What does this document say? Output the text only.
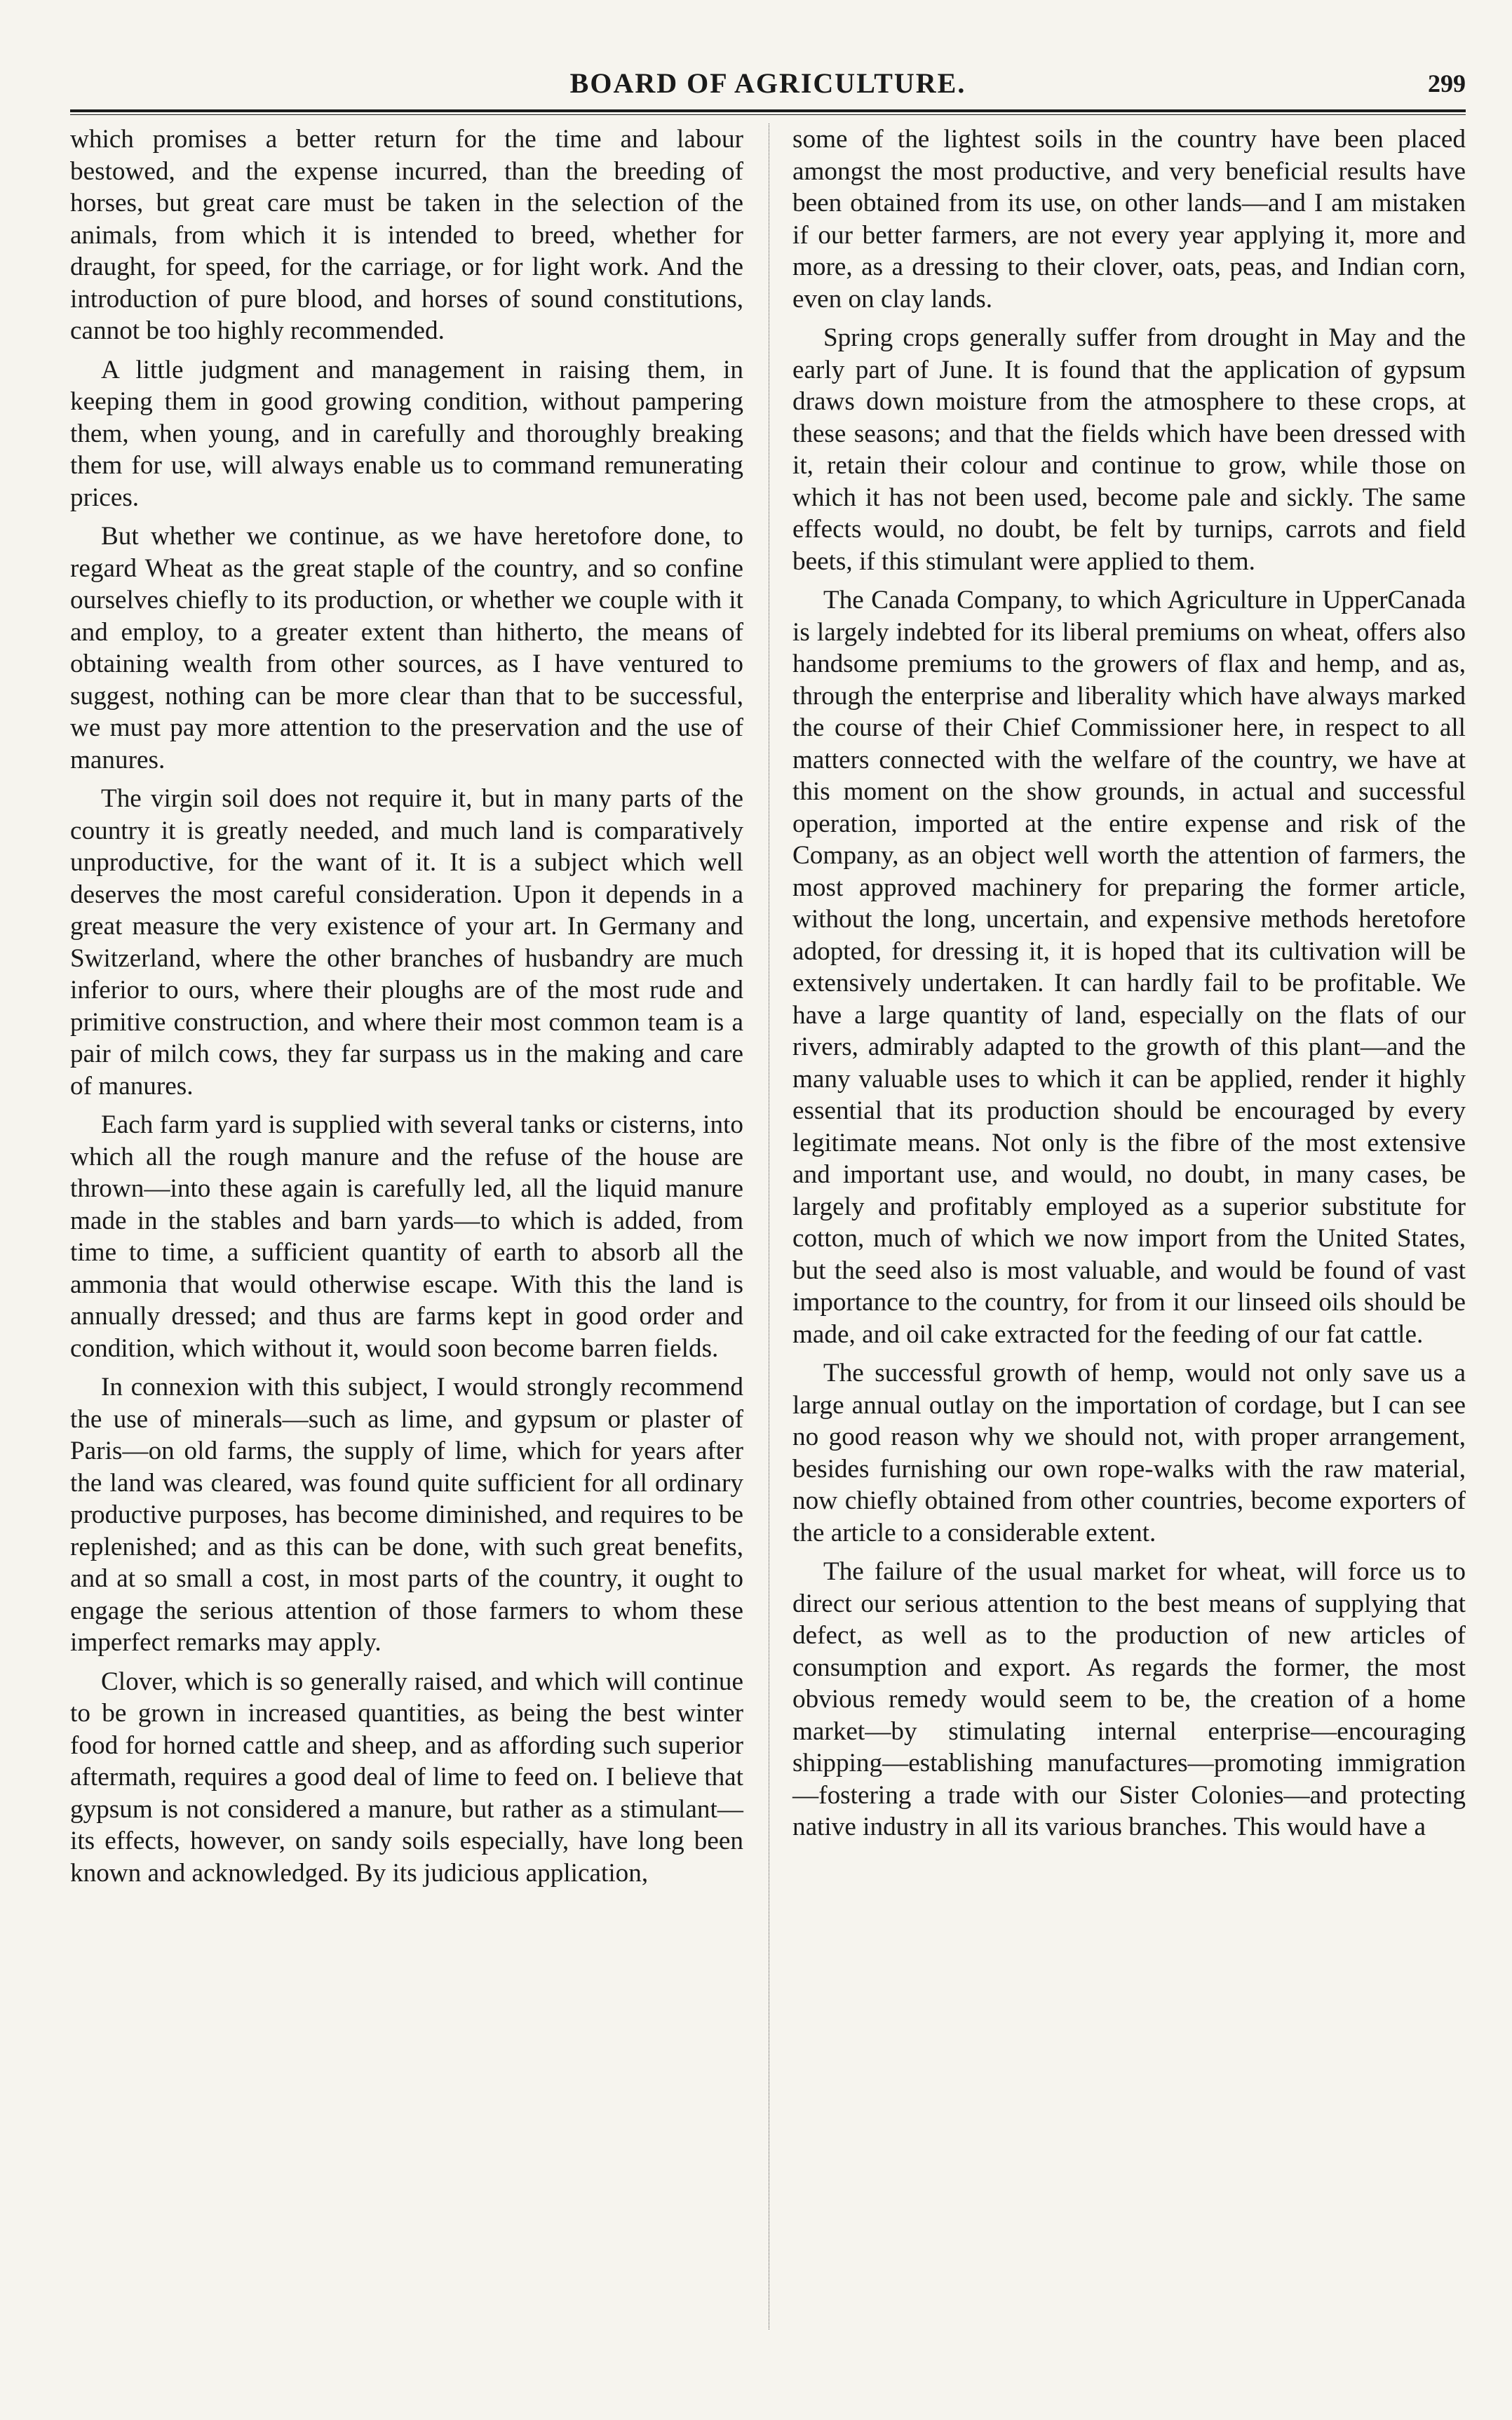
BOARD OF AGRICULTURE.	299

which promises a better return for the time and labour bestowed, and the expense incurred, than the breeding of horses, but great care must be taken in the selection of the animals, from which it is intended to breed, whether for draught, for speed, for the carriage, or for light work. And the introduction of pure blood, and horses of sound constitutions, cannot be too highly recommended.

A little judgment and management in raising them, in keeping them in good growing condition, without pampering them, when young, and in carefully and thoroughly breaking them for use, will always enable us to command remunerating prices.

But whether we continue, as we have heretofore done, to regard Wheat as the great staple of the country, and so confine ourselves chiefly to its production, or whether we couple with it and employ, to a greater extent than hitherto, the means of obtaining wealth from other sources, as I have ventured to suggest, nothing can be more clear than that to be successful, we must pay more attention to the preservation and the use of manures.

The virgin soil does not require it, but in many parts of the country it is greatly needed, and much land is comparatively unproductive, for the want of it. It is a subject which well deserves the most careful consideration. Upon it depends in a great measure the very existence of your art. In Germany and Switzerland, where the other branches of husbandry are much inferior to ours, where their ploughs are of the most rude and primitive construction, and where their most common team is a pair of milch cows, they far surpass us in the making and care of manures.

Each farm yard is supplied with several tanks or cisterns, into which all the rough manure and the refuse of the house are thrown—into these again is carefully led, all the liquid manure made in the stables and barn yards—to which is added, from time to time, a sufficient quantity of earth to absorb all the ammonia that would otherwise escape. With this the land is annually dressed; and thus are farms kept in good order and condition, which without it, would soon become barren fields.

In connexion with this subject, I would strongly recommend the use of minerals—such as lime, and gypsum or plaster of Paris—on old farms, the supply of lime, which for years after the land was cleared, was found quite sufficient for all ordinary productive purposes, has become diminished, and requires to be replenished; and as this can be done, with such great benefits, and at so small a cost, in most parts of the country, it ought to engage the serious attention of those farmers to whom these imperfect remarks may apply.

Clover, which is so generally raised, and which will continue to be grown in increased quantities, as being the best winter food for horned cattle and sheep, and as affording such superior aftermath, requires a good deal of lime to feed on. I believe that gypsum is not considered a manure, but rather as a stimulant—its effects, however, on sandy soils especially, have long been known and acknowledged. By its judicious application,

some of the lightest soils in the country have been placed amongst the most productive, and very beneficial results have been obtained from its use, on other lands—and I am mistaken if our better farmers, are not every year applying it, more and more, as a dressing to their clover, oats, peas, and Indian corn, even on clay lands.

Spring crops generally suffer from drought in May and the early part of June. It is found that the application of gypsum draws down moisture from the atmosphere to these crops, at these seasons; and that the fields which have been dressed with it, retain their colour and continue to grow, while those on which it has not been used, become pale and sickly. The same effects would, no doubt, be felt by turnips, carrots and field beets, if this stimulant were applied to them.

The Canada Company, to which Agriculture in UpperCanada is largely indebted for its liberal premiums on wheat, offers also handsome premiums to the growers of flax and hemp, and as, through the enterprise and liberality which have always marked the course of their Chief Commissioner here, in respect to all matters connected with the welfare of the country, we have at this moment on the show grounds, in actual and successful operation, imported at the entire expense and risk of the Company, as an object well worth the attention of farmers, the most approved machinery for preparing the former article, without the long, uncertain, and expensive methods heretofore adopted, for dressing it, it is hoped that its cultivation will be extensively undertaken. It can hardly fail to be profitable. We have a large quantity of land, especially on the flats of our rivers, admirably adapted to the growth of this plant—and the many valuable uses to which it can be applied, render it highly essential that its production should be encouraged by every legitimate means. Not only is the fibre of the most extensive and important use, and would, no doubt, in many cases, be largely and profitably employed as a superior substitute for cotton, much of which we now import from the United States, but the seed also is most valuable, and would be found of vast importance to the country, for from it our linseed oils should be made, and oil cake extracted for the feeding of our fat cattle.

The successful growth of hemp, would not only save us a large annual outlay on the importation of cordage, but I can see no good reason why we should not, with proper arrangement, besides furnishing our own rope-walks with the raw material, now chiefly obtained from other countries, become exporters of the article to a considerable extent.

The failure of the usual market for wheat, will force us to direct our serious attention to the best means of supplying that defect, as well as to the production of new articles of consumption and export. As regards the former, the most obvious remedy would seem to be, the creation of a home market—by stimulating internal enterprise—encouraging shipping—establishing manufactures—promoting immigration—fostering a trade with our Sister Colonies—and protecting native industry in all its various branches. This would have a
